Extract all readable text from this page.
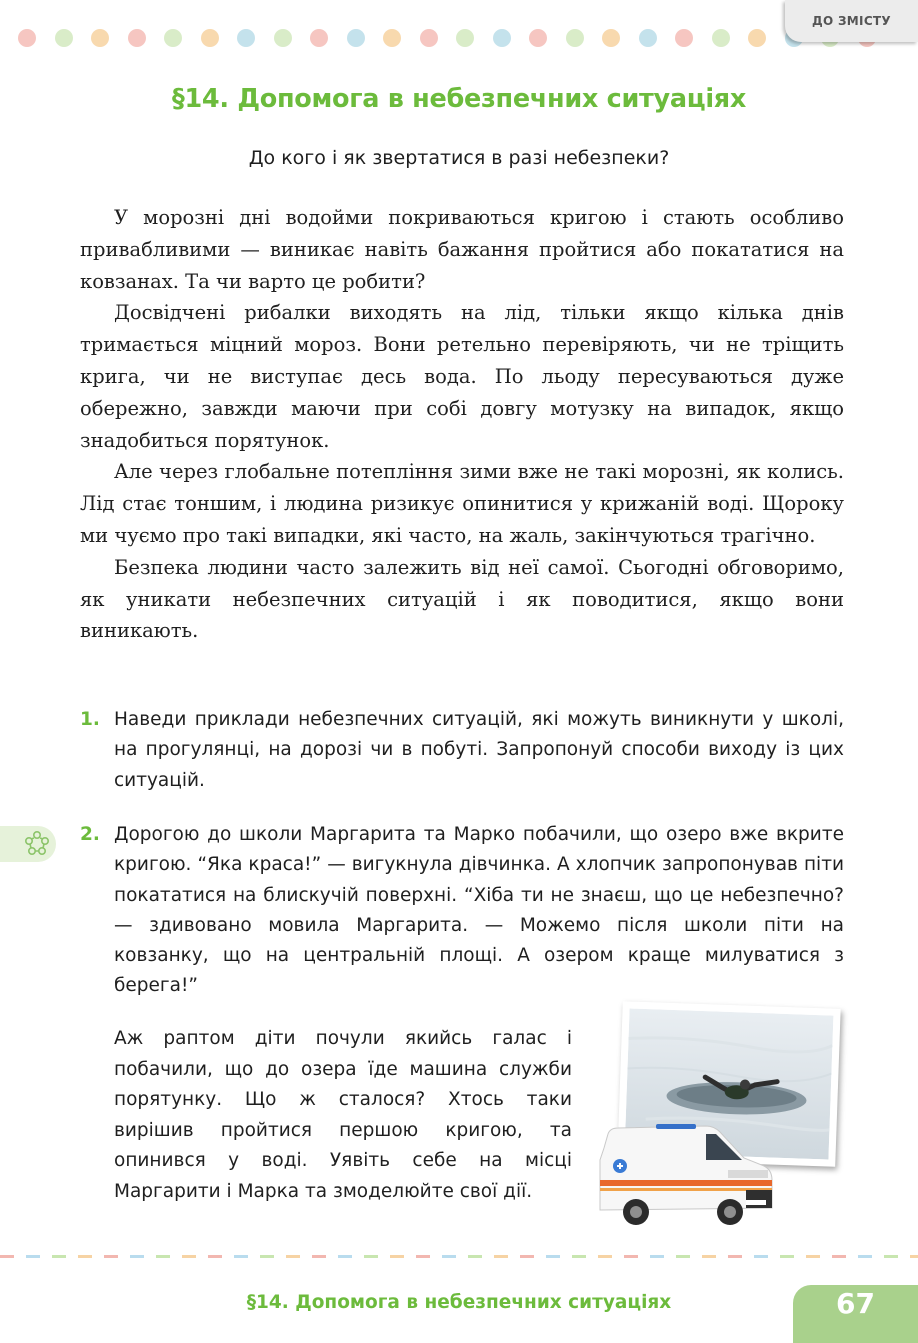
ДО ЗМІСТУ
§14. Допомога в небезпечних ситуаціях
До кого і як звертатися в разі небезпеки?

У морозні дні водойми покриваються кригою і стають особливо привабливими — виникає навіть бажання пройтися або покататися на ковзанах. Та чи варто це робити?

Досвідчені рибалки виходять на лід, тільки якщо кілька днів тримається міцний мороз. Вони ретельно перевіряють, чи не тріщить крига, чи не виступає десь вода. По льоду пересуваються дуже обережно, завжди маючи при собі довгу мотузку на випадок, якщо знадобиться порятунок.

Але через глобальне потепління зими вже не такі морозні, як колись. Лід стає тоншим, і людина ризикує опинитися у крижаній воді. Щороку ми чуємо про такі випадки, які часто, на жаль, закінчуються трагічно.

Безпека людини часто залежить від неї самої. Сьогодні обговоримо, як уникати небезпечних ситуацій і як поводитися, якщо вони виникають.

1. Наведи приклади небезпечних ситуацій, які можуть виникнути у школі, на прогулянці, на дорозі чи в побуті. Запропонуй способи виходу із цих ситуацій.
2. Дорогою до школи Маргарита та Марко побачили, що озеро вже вкрите кригою. “Яка краса!” — вигукнула дівчинка. А хлопчик запропонував піти покататися на блискучій поверхні. “Хіба ти не знаєш, що це небезпечно? — здивовано мовила Маргарита. — Можемо після школи піти на ковзанку, що на центральній площі. А озером краще милуватися з берега!”
Аж раптом діти почули якийсь галас і побачили, що до озера їде машина служби порятунку. Що ж сталося? Хтось таки вирішив пройтися першою кригою, та опинився у воді. Уявіть себе на місці Маргарити і Марка та змоделюйте свої дії.
§14. Допомога в небезпечних ситуаціях	67
